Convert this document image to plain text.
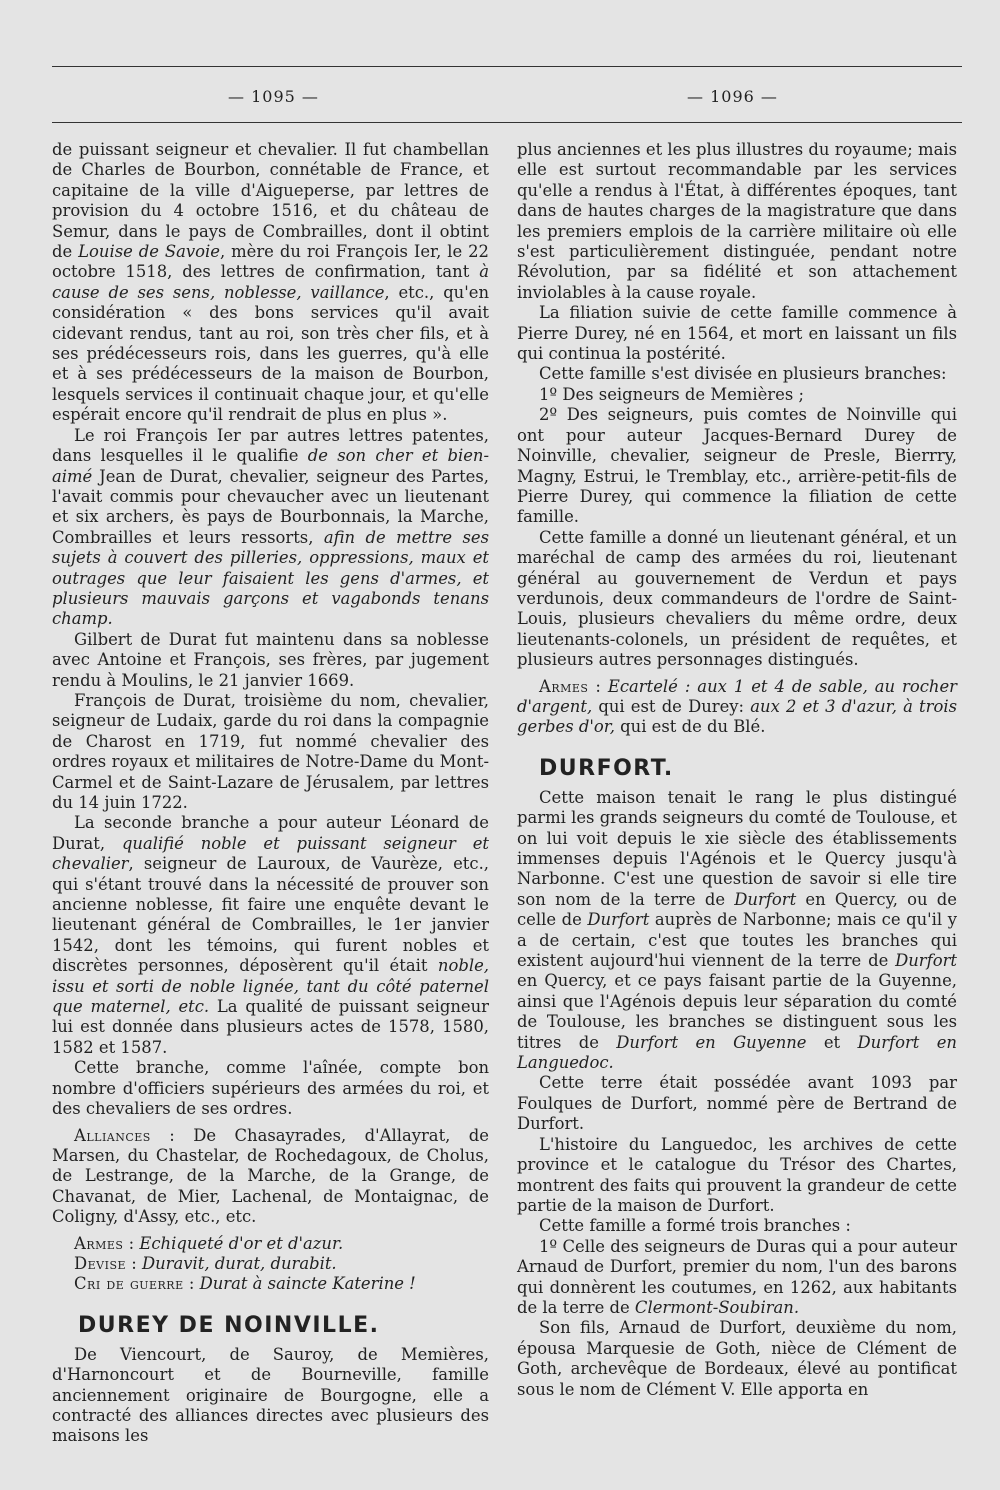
— 1095 —	— 1096 —

de puissant seigneur et chevalier. Il fut chambellan de Charles de Bourbon, connétable de France, et capitaine de la ville d'Aigueperse, par lettres de provision du 4 octobre 1516, et du château de Semur, dans le pays de Combrailles, dont il obtint de Louise de Savoie, mère du roi François Ier, le 22 octobre 1518, des lettres de confirmation, tant à cause de ses sens, noblesse, vaillance, etc., qu'en considération « des bons services qu'il avait cidevant rendus, tant au roi, son très cher fils, et à ses prédécesseurs rois, dans les guerres, qu'à elle et à ses prédécesseurs de la maison de Bourbon, lesquels services il continuait chaque jour, et qu'elle espérait encore qu'il rendrait de plus en plus ».

Le roi François Ier par autres lettres patentes, dans lesquelles il le qualifie de son cher et bien-aimé Jean de Durat, chevalier, seigneur des Partes, l'avait commis pour chevaucher avec un lieutenant et six archers, ès pays de Bourbonnais, la Marche, Combrailles et leurs ressorts, afin de mettre ses sujets à couvert des pilleries, oppressions, maux et outrages que leur faisaient les gens d'armes, et plusieurs mauvais garçons et vagabonds tenans champ.

Gilbert de Durat fut maintenu dans sa noblesse avec Antoine et François, ses frères, par jugement rendu à Moulins, le 21 janvier 1669.

François de Durat, troisième du nom, chevalier, seigneur de Ludaix, garde du roi dans la compagnie de Charost en 1719, fut nommé chevalier des ordres royaux et militaires de Notre-Dame du Mont-Carmel et de Saint-Lazare de Jérusalem, par lettres du 14 juin 1722.

La seconde branche a pour auteur Léonard de Durat, qualifié noble et puissant seigneur et chevalier, seigneur de Lauroux, de Vaurèze, etc., qui s'étant trouvé dans la nécessité de prouver son ancienne noblesse, fit faire une enquête devant le lieutenant général de Combrailles, le 1er janvier 1542, dont les témoins, qui furent nobles et discrètes personnes, déposèrent qu'il était noble, issu et sorti de noble lignée, tant du côté paternel que maternel, etc. La qualité de puissant seigneur lui est donnée dans plusieurs actes de 1578, 1580, 1582 et 1587.

Cette branche, comme l'aînée, compte bon nombre d'officiers supérieurs des armées du roi, et des chevaliers de ses ordres.

Alliances : De Chasayrades, d'Allayrat, de Marsen, du Chastelar, de Rochedagoux, de Cholus, de Lestrange, de la Marche, de la Grange, de Chavanat, de Mier, Lachenal, de Montaignac, de Coligny, d'Assy, etc., etc.

Armes : Echiqueté d'or et d'azur.

Devise : Duravit, durat, durabit.

Cri de guerre : Durat à saincte Katerine !

DUREY DE NOINVILLE.

De Viencourt, de Sauroy, de Memières, d'Harnoncourt et de Bourneville, famille anciennement originaire de Bourgogne, elle a contracté des alliances directes avec plusieurs des maisons les

plus anciennes et les plus illustres du royaume; mais elle est surtout recommandable par les services qu'elle a rendus à l'État, à différentes époques, tant dans de hautes charges de la magistrature que dans les premiers emplois de la carrière militaire où elle s'est particulièrement distinguée, pendant notre Révolution, par sa fidélité et son attachement inviolables à la cause royale.

La filiation suivie de cette famille commence à Pierre Durey, né en 1564, et mort en laissant un fils qui continua la postérité.

Cette famille s'est divisée en plusieurs branches:

1º Des seigneurs de Memières ;

2º Des seigneurs, puis comtes de Noinville qui ont pour auteur Jacques-Bernard Durey de Noinville, chevalier, seigneur de Presle, Bierrry, Magny, Estrui, le Tremblay, etc., arrière-petit-fils de Pierre Durey, qui commence la filiation de cette famille.

Cette famille a donné un lieutenant général, et un maréchal de camp des armées du roi, lieutenant général au gouvernement de Verdun et pays verdunois, deux commandeurs de l'ordre de Saint-Louis, plusieurs chevaliers du même ordre, deux lieutenants-colonels, un président de requêtes, et plusieurs autres personnages distingués.

Armes : Ecartelé : aux 1 et 4 de sable, au rocher d'argent, qui est de Durey: aux 2 et 3 d'azur, à trois gerbes d'or, qui est de du Blé.

DURFORT.

Cette maison tenait le rang le plus distingué parmi les grands seigneurs du comté de Toulouse, et on lui voit depuis le xie siècle des établissements immenses depuis l'Agénois et le Quercy jusqu'à Narbonne. C'est une question de savoir si elle tire son nom de la terre de Durfort en Quercy, ou de celle de Durfort auprès de Narbonne; mais ce qu'il y a de certain, c'est que toutes les branches qui existent aujourd'hui viennent de la terre de Durfort en Quercy, et ce pays faisant partie de la Guyenne, ainsi que l'Agénois depuis leur séparation du comté de Toulouse, les branches se distinguent sous les titres de Durfort en Guyenne et Durfort en Languedoc.

Cette terre était possédée avant 1093 par Foulques de Durfort, nommé père de Bertrand de Durfort.

L'histoire du Languedoc, les archives de cette province et le catalogue du Trésor des Chartes, montrent des faits qui prouvent la grandeur de cette partie de la maison de Durfort.

Cette famille a formé trois branches :

1º Celle des seigneurs de Duras qui a pour auteur Arnaud de Durfort, premier du nom, l'un des barons qui donnèrent les coutumes, en 1262, aux habitants de la terre de Clermont-Soubiran.

Son fils, Arnaud de Durfort, deuxième du nom, épousa Marquesie de Goth, nièce de Clément de Goth, archevêque de Bordeaux, élevé au pontificat sous le nom de Clément V. Elle apporta en
